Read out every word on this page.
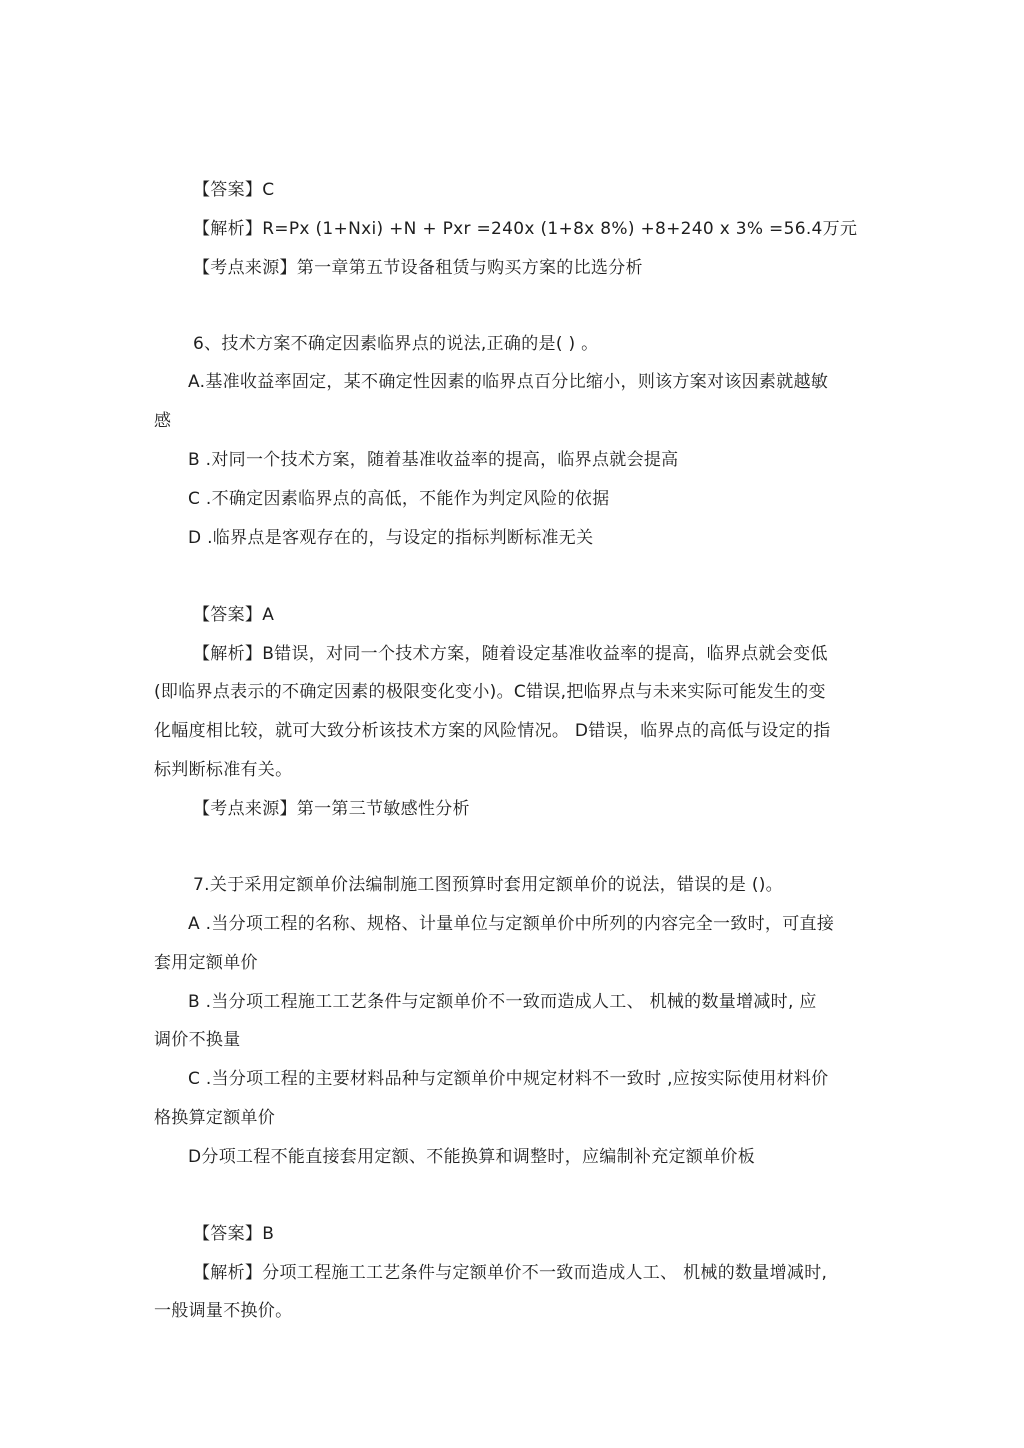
【答案】C
【解析】R=Px (1+Nxi) +N + Pxr =240x (1+8x 8%) +8+240 x 3% =56.4万元
【考点来源】第一章第五节设备租赁与购买方案的比选分析
6、技术方案不确定因素临界点的说法,正确的是( ) 。
A.基准收益率固定，某不确定性因素的临界点百分比缩小，则该方案对该因素就越敏
感
B .对同一个技术方案，随着基准收益率的提高，临界点就会提高
C .不确定因素临界点的高低，不能作为判定风险的依据
D .临界点是客观存在的，与设定的指标判断标准无关
【答案】A
【解析】B错误，对同一个技术方案，随着设定基准收益率的提高，临界点就会变低
(即临界点表示的不确定因素的极限变化变小)。C错误,把临界点与未来实际可能发生的变
化幅度相比较，就可大致分析该技术方案的风险情况。 D错误，临界点的高低与设定的指
标判断标准有关。
【考点来源】第一第三节敏感性分析
7.关于采用定额单价法编制施工图预算时套用定额单价的说法，错误的是 ()。
A .当分项工程的名称、规格、计量单位与定额单价中所列的内容完全一致时，可直接
套用定额单价
B .当分项工程施工工艺条件与定额单价不一致而造成人工、 机械的数量增减时, 应
调价不换量
C .当分项工程的主要材料品种与定额单价中规定材料不一致时 ,应按实际使用材料价
格换算定额单价
D分项工程不能直接套用定额、不能换算和调整时，应编制补充定额单价板
【答案】B
【解析】分项工程施工工艺条件与定额单价不一致而造成人工、 机械的数量增减时,
一般调量不换价。
